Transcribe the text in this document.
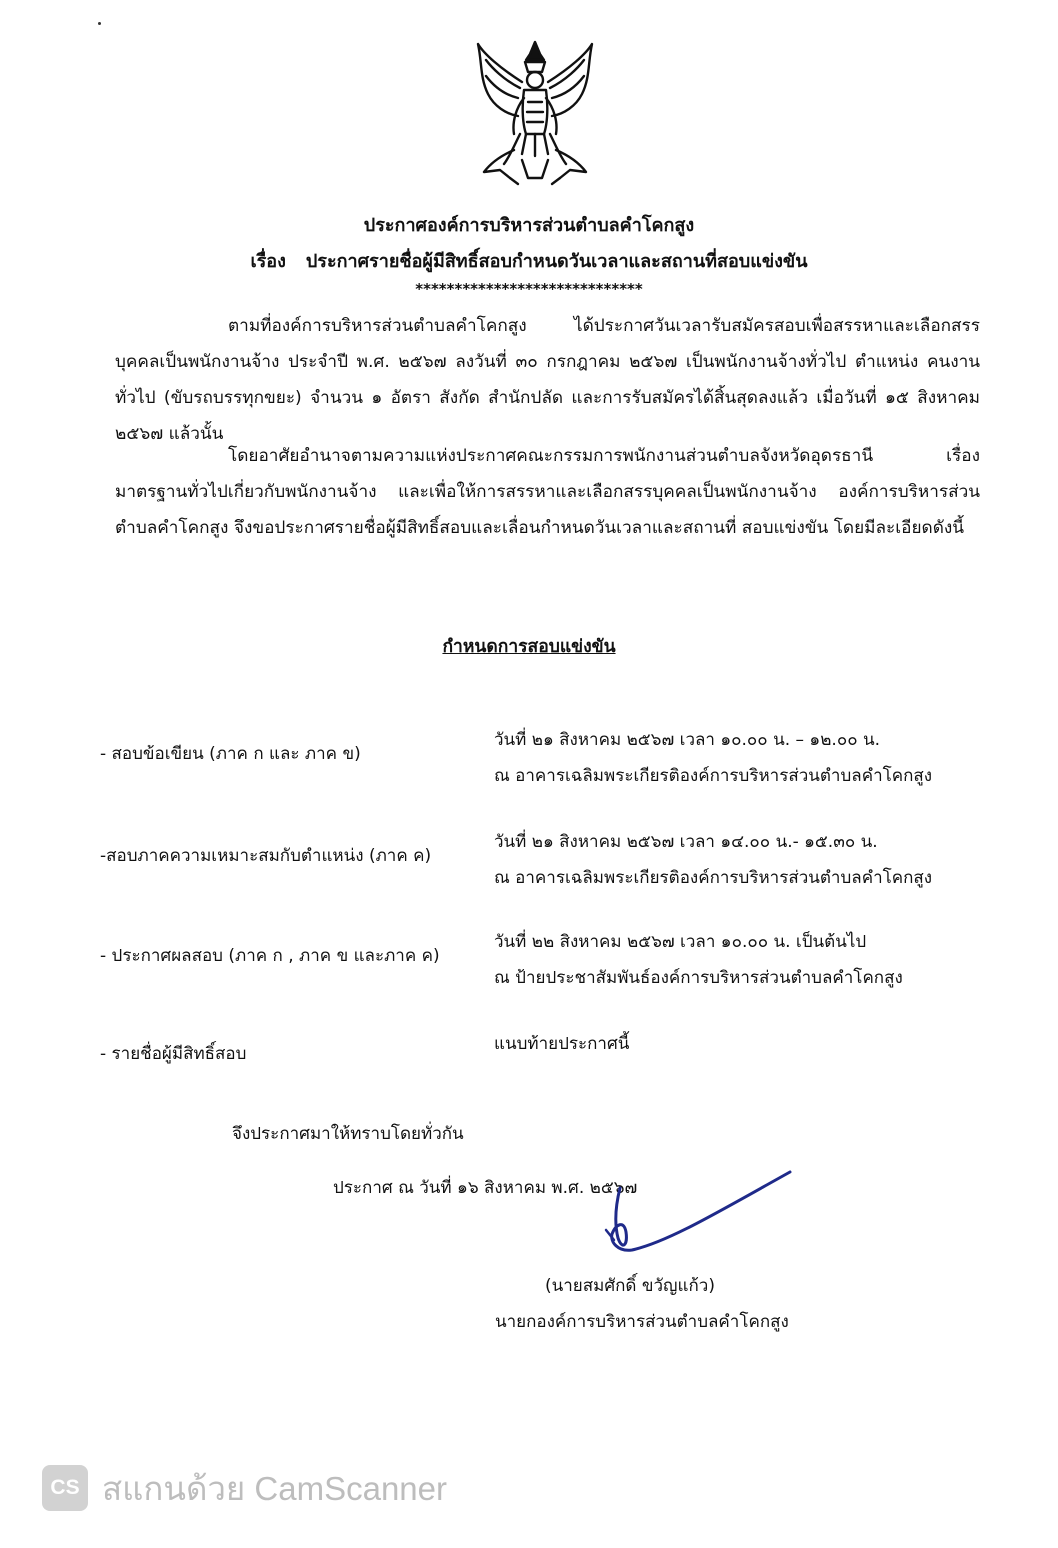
ประกาศองค์การบริหารส่วนตำบลคำโคกสูง
เรื่อง ประกาศรายชื่อผู้มีสิทธิ์สอบกำหนดวันเวลาและสถานที่สอบแข่งขัน
*****************************

ตามที่องค์การบริหารส่วนตำบลคำโคกสูง ได้ประกาศวันเวลารับสมัครสอบเพื่อสรรหาและเลือกสรรบุคคลเป็นพนักงานจ้าง ประจำปี พ.ศ. ๒๕๖๗ ลงวันที่ ๓๐ กรกฎาคม ๒๕๖๗ เป็นพนักงานจ้างทั่วไป ตำแหน่ง คนงานทั่วไป (ขับรถบรรทุกขยะ) จำนวน ๑ อัตรา สังกัด สำนักปลัด และการรับสมัครได้สิ้นสุดลงแล้ว เมื่อวันที่ ๑๕ สิงหาคม ๒๕๖๗ แล้วนั้น

โดยอาศัยอำนาจตามความแห่งประกาศคณะกรรมการพนักงานส่วนตำบลจังหวัดอุดรธานี เรื่อง มาตรฐานทั่วไปเกี่ยวกับพนักงานจ้าง และเพื่อให้การสรรหาและเลือกสรรบุคคลเป็นพนักงานจ้าง องค์การบริหารส่วนตำบลคำโคกสูง จึงขอประกาศรายชื่อผู้มีสิทธิ์สอบและเลื่อนกำหนดวันเวลาและสถานที่ สอบแข่งขัน โดยมีละเอียดดังนี้

กำหนดการสอบแข่งขัน
- สอบข้อเขียน (ภาค ก และ ภาค ข)
วันที่ ๒๑ สิงหาคม ๒๕๖๗ เวลา ๑๐.๐๐ น. – ๑๒.๐๐ น.
ณ อาคารเฉลิมพระเกียรติองค์การบริหารส่วนตำบลคำโคกสูง
-สอบภาคความเหมาะสมกับตำแหน่ง (ภาค ค)
วันที่ ๒๑ สิงหาคม ๒๕๖๗ เวลา ๑๔.๐๐ น.- ๑๕.๓๐ น.
ณ อาคารเฉลิมพระเกียรติองค์การบริหารส่วนตำบลคำโคกสูง
- ประกาศผลสอบ (ภาค ก , ภาค ข และภาค ค)
วันที่ ๒๒ สิงหาคม ๒๕๖๗ เวลา ๑๐.๐๐ น. เป็นต้นไป
ณ ป้ายประชาสัมพันธ์องค์การบริหารส่วนตำบลคำโคกสูง
- รายชื่อผู้มีสิทธิ์สอบ	แนบท้ายประกาศนี้
จึงประกาศมาให้ทราบโดยทั่วกัน
ประกาศ ณ วันที่ ๑๖ สิงหาคม พ.ศ. ๒๕๖๗
(นายสมศักดิ์ ขวัญแก้ว)
นายกองค์การบริหารส่วนตำบลคำโคกสูง
CS สแกนด้วย CamScanner
